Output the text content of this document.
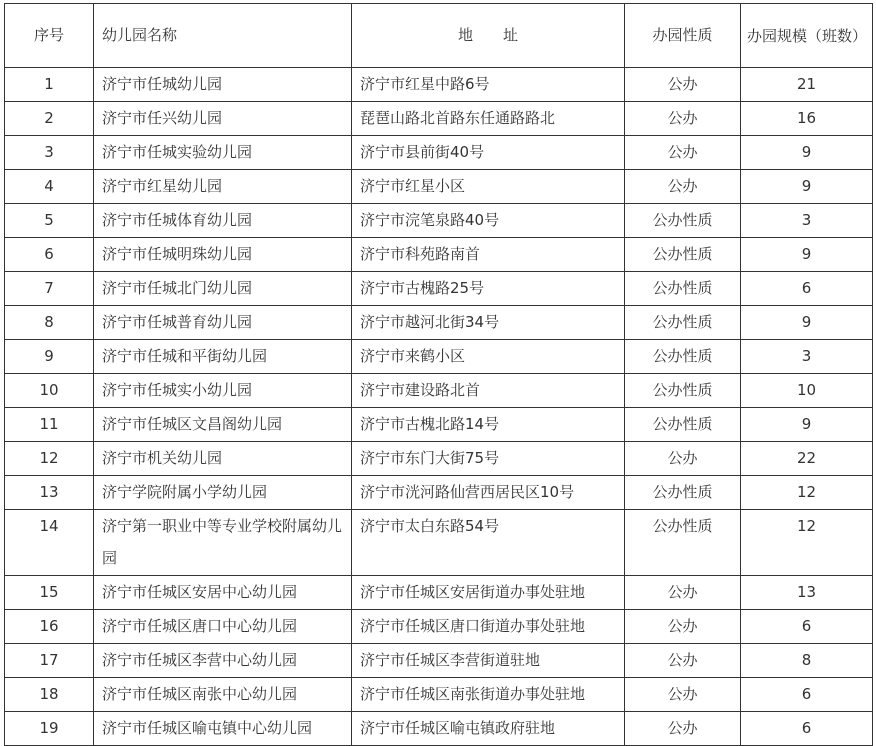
序号	幼儿园名称	地　　址	办园性质	办园规模（班数）
1	济宁市任城幼儿园	济宁市红星中路6号	公办	21
2	济宁市任兴幼儿园	琵琶山路北首路东任通路路北	公办	16
3	济宁市任城实验幼儿园	济宁市县前街40号	公办	9
4	济宁市红星幼儿园	济宁市红星小区	公办	9
5	济宁市任城体育幼儿园	济宁市浣笔泉路40号	公办性质	3
6	济宁市任城明珠幼儿园	济宁市科苑路南首	公办性质	9
7	济宁市任城北门幼儿园	济宁市古槐路25号	公办性质	6
8	济宁市任城普育幼儿园	济宁市越河北街34号	公办性质	9
9	济宁市任城和平街幼儿园	济宁市来鹤小区	公办性质	3
10	济宁市任城实小幼儿园	济宁市建设路北首	公办性质	10
11	济宁市任城区文昌阁幼儿园	济宁市古槐北路14号	公办性质	9
12	济宁市机关幼儿园	济宁市东门大街75号	公办	22
13	济宁学院附属小学幼儿园	济宁市洸河路仙营西居民区10号	公办性质	12
14	济宁第一职业中等专业学校附属幼儿园	济宁市太白东路54号	公办性质	12
15	济宁市任城区安居中心幼儿园	济宁市任城区安居街道办事处驻地	公办	13
16	济宁市任城区唐口中心幼儿园	济宁市任城区唐口街道办事处驻地	公办	6
17	济宁市任城区李营中心幼儿园	济宁市任城区李营街道驻地	公办	8
18	济宁市任城区南张中心幼儿园	济宁市任城区南张街道办事处驻地	公办	6
19	济宁市任城区喻屯镇中心幼儿园	济宁市任城区喻屯镇政府驻地	公办	6
